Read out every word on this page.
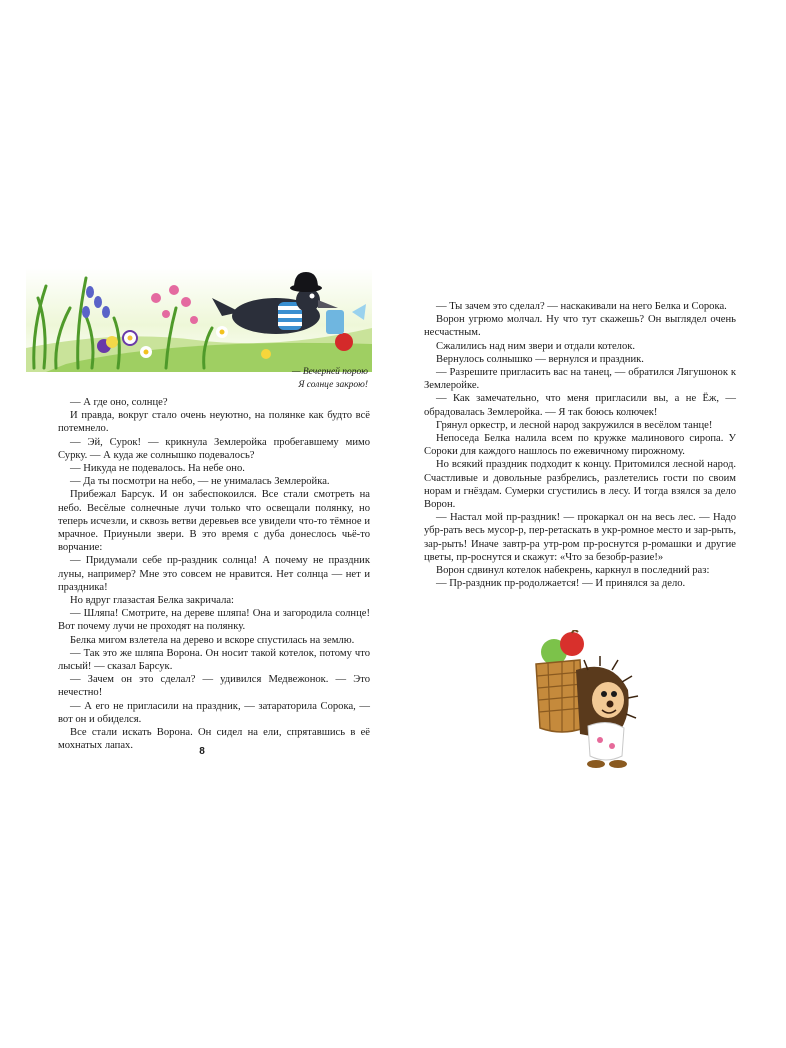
— Вечерней порою
Я солнце закрою!

— А где оно, солнце?

И правда, вокруг стало очень неуютно, на полянке как будто всё потемнело.

— Эй, Сурок! — крикнула Землеройка пробегавшему мимо Сурку. — А куда же солнышко подевалось?

— Никуда не подевалось. На небе оно.

— Да ты посмотри на небо, — не унималась Землеройка.

Прибежал Барсук. И он забеспокоился. Все стали смотреть на небо. Весёлые солнечные лучи только что освещали полянку, но теперь исчезли, и сквозь ветви деревьев все увидели что-то тёмное и мрачное. Приуныли звери. В это время с дуба донеслось чьё-то ворчание:

— Придумали себе пр-раздник солнца! А почему не праздник луны, например? Мне это совсем не нравится. Нет солнца — нет и праздника!

Но вдруг глазастая Белка закричала:

— Шляпа! Смотрите, на дереве шляпа! Она и загородила солнце! Вот почему лучи не проходят на полянку.

Белка мигом взлетела на дерево и вскоре спустилась на землю.

— Так это же шляпа Ворона. Он носит такой котелок, потому что лысый! — сказал Барсук.

— Зачем он это сделал? — удивился Медвежонок. — Это нечестно!

— А его не пригласили на праздник, — затараторила Сорока, — вот он и обиделся.

Все стали искать Ворона. Он сидел на ели, спрятавшись в её мохнатых лапах.

8

— Ты зачем это сделал? — наскакивали на него Белка и Сорока.

Ворон угрюмо молчал. Ну что тут скажешь? Он выглядел очень несчастным.

Сжалились над ним звери и отдали котелок.

Вернулось солнышко — вернулся и праздник.

— Разрешите пригласить вас на танец, — обратился Лягушонок к Землеройке.

— Как замечательно, что меня пригласили вы, а не Ёж, — обрадовалась Землеройка. — Я так боюсь колючек!

Грянул оркестр, и лесной народ закружился в весёлом танце!

Непоседа Белка налила всем по кружке малинового сиропа. У Сороки для каждого нашлось по ежевичному пирожному.

Но всякий праздник подходит к концу. Притомился лесной народ. Счастливые и довольные разбрелись, разлетелись гости по своим норам и гнёздам. Сумерки сгустились в лесу. И тогда взялся за дело Ворон.

— Настал мой пр-раздник! — прокаркал он на весь лес. — Надо убр-рать весь мусор-р, пер-ретаскать в укр-ромное место и зар-рыть, зар-рыть! Иначе завтр-ра утр-ром пр-роснутся р-ромашки и другие цветы, пр-роснутся и скажут: «Что за безобр-разие!»

Ворон сдвинул котелок набекрень, каркнул в последний раз:

— Пр-раздник пр-родолжается! — И принялся за дело.
